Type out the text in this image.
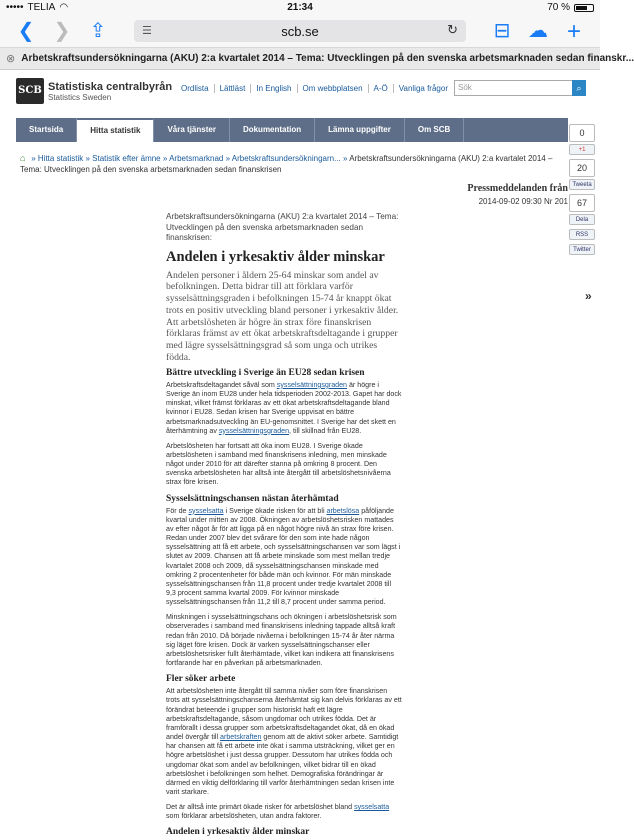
••••• TELIA ◠	21:34	70 %
❮ ❯ ⇪	☰	scb.se	↻	⊟ ☁ +
⊗ Arbetskraftsundersökningarna (AKU) 2:a kvartalet 2014 – Tema: Utvecklingen på den svenska arbetsmarknaden sedan finanskr...
SCB Statistiska centralbyrån
Statistics Sweden
Ordlista	Lättläst	In English	Om webbplatsen	A-Ö	Vanliga frågor	Sök	⌕
Startsida	Hitta statistik	Våra tjänster	Dokumentation	Lämna uppgifter	Om SCB
⌂ » Hitta statistik » Statistik efter ämne » Arbetsmarknad » Arbetskraftsundersökningarn... » Arbetskraftsundersökningarna (AKU) 2:a kvartalet 2014 – Tema: Utvecklingen på den svenska arbetsmarknaden sedan finanskrisen
0
+1
20
Tweeta
67
Dela
RSS
Twitter
»
Pressmeddelanden från
2014-09-02 09:30 Nr 201
Arbetskraftsundersökningarna (AKU) 2:a kvartalet 2014 – Tema: Utvecklingen på den svenska arbetsmarknaden sedan finanskrisen:
Andelen i yrkesaktiv ålder minskar
Andelen personer i åldern 25-64 minskar som andel av befolkningen. Detta bidrar till att förklara varför sysselsättningsgraden i befolkningen 15-74 år knappt ökat trots en positiv utveckling bland personer i yrkesaktiv ålder. Att arbetslösheten är högre än strax före finanskrisen förklaras främst av ett ökat arbetskraftsdeltagande i grupper med lägre sysselsättningsgrad så som unga och utrikes födda.
Bättre utveckling i Sverige än EU28 sedan krisen
Arbetskraftsdeltagandet såväl som sysselsättningsgraden är högre i Sverige än inom EU28 under hela tidsperioden 2002-2013. Gapet har dock minskat, vilket främst förklaras av ett ökat arbetskraftsdeltagande bland kvinnor i EU28. Sedan krisen har Sverige uppvisat en bättre arbetsmarknadsutveckling än EU-genomsnittet. I Sverige har det skett en återhämtning av sysselsättningsgraden, till skillnad från EU28.
Arbetslösheten har fortsatt att öka inom EU28. I Sverige ökade arbetslösheten i samband med finanskrisens inledning, men minskade något under 2010 för att därefter stanna på omkring 8 procent. Den svenska arbetslösheten har alltså inte återgått till arbetslöshetsnivåerna strax före krisen.
Sysselsättningschansen nästan återhämtad
För de sysselsatta i Sverige ökade risken för att bli arbetslösa påföljande kvartal under mitten av 2008. Ökningen av arbetslöshetsrisken mattades av efter något år för att ligga på en något högre nivå än strax före krisen. Redan under 2007 blev det svårare för den som inte hade någon sysselsättning att få ett arbete, och sysselsättningschansen var som lägst i slutet av 2009. Chansen att få arbete minskade som mest mellan tredje kvartalet 2008 och 2009, då sysselsättningschansen minskade med omkring 2 procentenheter för både män och kvinnor. För män minskade sysselsättningschansen från 11,8 procent under tredje kvartalet 2008 till 9,3 procent samma kvartal 2009. För kvinnor minskade sysselsättningschansen från 11,2 till 8,7 procent under samma period.
Minskningen i sysselsättningschans och ökningen i arbetslöshetsrisk som observerades i samband med finanskrisens inledning tappade alltså kraft redan från 2010. Då började nivåerna i befolkningen 15-74 år åter närma sig läget före krisen. Dock är varken sysselsättningschanser eller arbetslöshetsrisker fullt återhämtade, vilket kan indikera att finanskrisens fortfarande har en påverkan på arbetsmarknaden.
Fler söker arbete
Att arbetslösheten inte återgått till samma nivåer som före finanskrisen trots att sysselsättningschanserna återhämtat sig kan delvis förklaras av ett förändrat beteende i grupper som historiskt haft ett lägre arbetskraftsdeltagande, såsom ungdomar och utrikes födda. Det är framförallt i dessa grupper som arbetskraftsdeltagandet ökat, då en ökad andel övergår till arbetskraften genom att de aktivt söker arbete. Samtidigt har chansen att få ett arbete inte ökat i samma utsträckning, vilket ger en högre arbetslöshet i just dessa grupper. Dessutom har utrikes födda och ungdomar ökat som andel av befolkningen, vilket bidrar till en ökad arbetslöshet i befolkningen som helhet. Demografiska förändringar är därmed en viktig delförklaring till varför återhämtningen sedan krisen inte varit starkare.
Det är alltså inte primärt ökade risker för arbetslöshet bland sysselsatta som förklarar arbetslösheten, utan andra faktorer.
Andelen i yrkesaktiv ålder minskar
